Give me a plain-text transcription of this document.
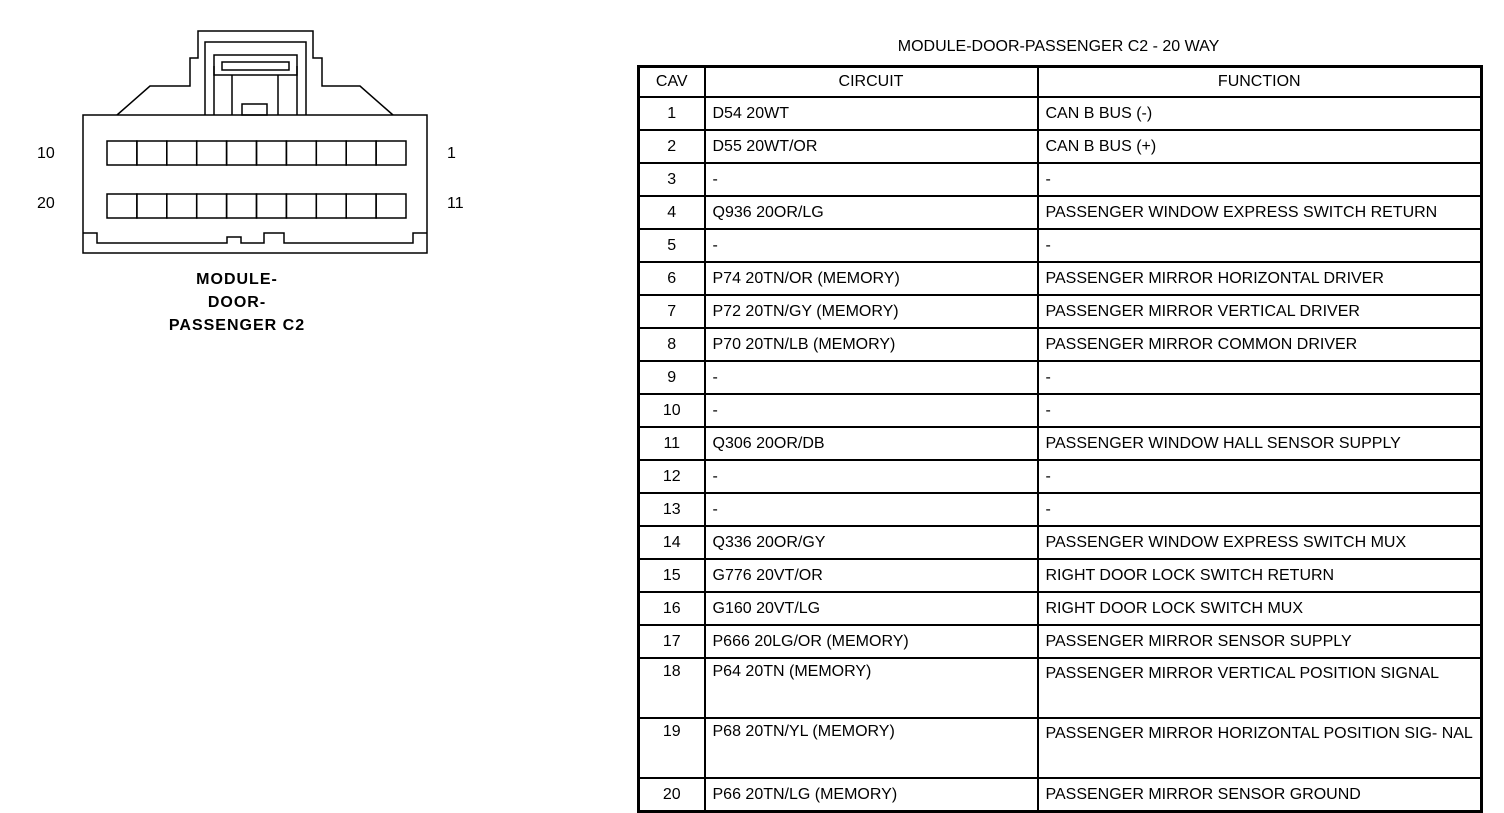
10
20
1
11
MODULE-
DOOR-
PASSENGER C2
MODULE-DOOR-PASSENGER C2 - 20 WAY
CAV	CIRCUIT	FUNCTION
1	D54 20WT	CAN B BUS (-)
2	D55 20WT/OR	CAN B BUS (+)
3	-	-
4	Q936 20OR/LG	PASSENGER WINDOW EXPRESS SWITCH RETURN
5	-	-
6	P74 20TN/OR (MEMORY)	PASSENGER MIRROR HORIZONTAL DRIVER
7	P72 20TN/GY (MEMORY)	PASSENGER MIRROR VERTICAL DRIVER
8	P70 20TN/LB (MEMORY)	PASSENGER MIRROR COMMON DRIVER
9	-	-
10	-	-
11	Q306 20OR/DB	PASSENGER WINDOW HALL SENSOR SUPPLY
12	-	-
13	-	-
14	Q336 20OR/GY	PASSENGER WINDOW EXPRESS SWITCH MUX
15	G776 20VT/OR	RIGHT DOOR LOCK SWITCH RETURN
16	G160 20VT/LG	RIGHT DOOR LOCK SWITCH MUX
17	P666 20LG/OR (MEMORY)	PASSENGER MIRROR SENSOR SUPPLY
18	P64 20TN (MEMORY)	PASSENGER MIRROR VERTICAL POSITION SIGNAL
19	P68 20TN/YL (MEMORY)	PASSENGER MIRROR HORIZONTAL POSITION SIG- NAL
20	P66 20TN/LG (MEMORY)	PASSENGER MIRROR SENSOR GROUND
